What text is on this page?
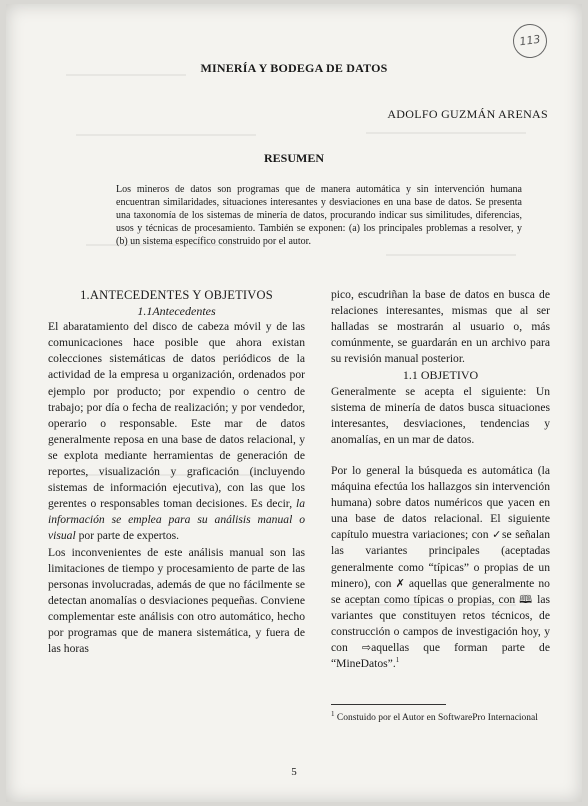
113
MINERÍA Y BODEGA DE DATOS
ADOLFO GUZMÁN ARENAS
RESUMEN

Los mineros de datos son programas que de manera automática y sin intervención humana encuentran similaridades, situaciones interesantes y desviaciones en una base de datos. Se presenta una taxonomía de los sistemas de minería de datos, procurando indicar sus similitudes, diferencias, usos y técnicas de procesamiento. También se exponen: (a) los principales problemas a resolver, y (b) un sistema específico construido por el autor.

1.ANTECEDENTES Y OBJETIVOS

1.1Antecedentes

El abaratamiento del disco de cabeza móvil y de las comunicaciones hace posible que ahora existan colecciones sistemáticas de datos periódicos de la actividad de la empresa u organización, ordenados por ejemplo por producto; por expendio o centro de trabajo; por día o fecha de realización; y por vendedor, operario o responsable. Este mar de datos generalmente reposa en una base de datos relacional, y se explota mediante herramientas de generación de reportes, visualización y graficación (incluyendo sistemas de información ejecutiva), con las que los gerentes o responsables toman decisiones. Es decir, la información se emplea para su análisis manual o visual por parte de expertos.

Los inconvenientes de este análisis manual son las limitaciones de tiempo y procesamiento de parte de las personas involucradas, además de que no fácilmente se detectan anomalías o desviaciones pequeñas. Conviene complementar este análisis con otro automático, hecho por programas que de manera sistemática, y fuera de las horas

pico, escudriñan la base de datos en busca de relaciones interesantes, mismas que al ser halladas se mostrarán al usuario o, más comúnmente, se guardarán en un archivo para su revisión manual posterior.

1.1 OBJETIVO

Generalmente se acepta el siguiente: Un sistema de minería de datos busca situaciones interesantes, desviaciones, tendencias y anomalías, en un mar de datos.

Por lo general la búsqueda es automática (la máquina efectúa los hallazgos sin intervención humana) sobre datos numéricos que yacen en una base de datos relacional. El siguiente capítulo muestra variaciones; con ✓se señalan las variantes principales (aceptadas generalmente como “típicas” o propias de un minero), con ✗ aquellas que generalmente no se aceptan como típicas o propias, con 🕮 las variantes que constituyen retos técnicos, de construcción o campos de investigación hoy, y con ⇨aquellas que forman parte de “MineDatos”.$^1$

$^1$ Constuido por el Autor en SoftwarePro Internacional

5
